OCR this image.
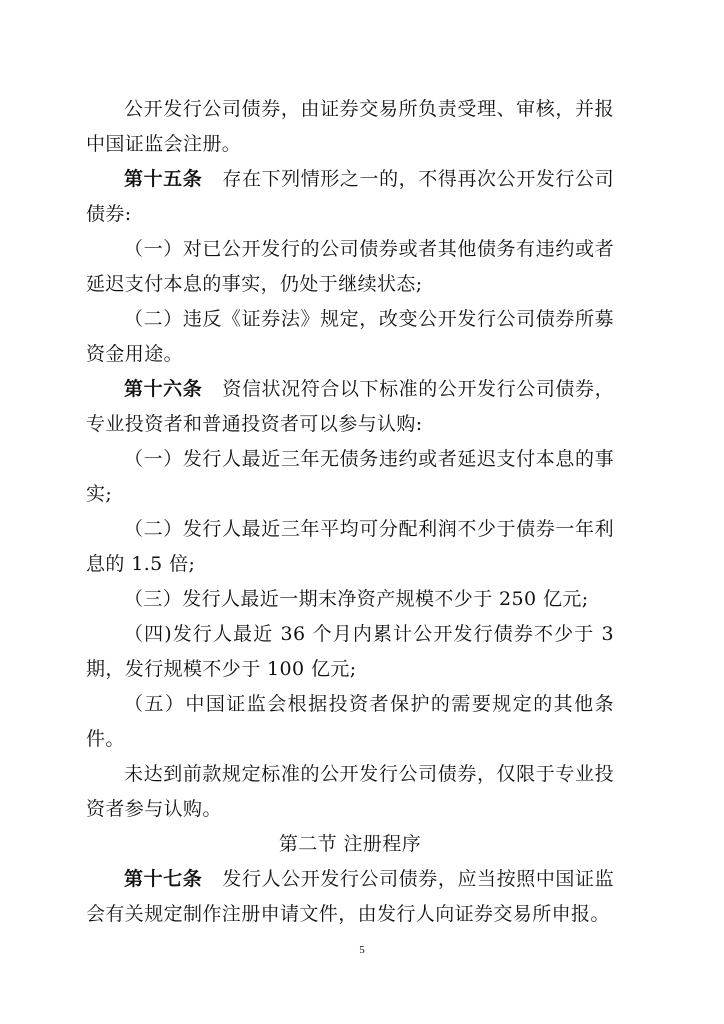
公开发行公司债券，由证券交易所负责受理、审核，并报中国证监会注册。

第十五条 存在下列情形之一的，不得再次公开发行公司债券:

（一）对已公开发行的公司债券或者其他债务有违约或者延迟支付本息的事实，仍处于继续状态;

（二）违反《证券法》规定，改变公开发行公司债券所募资金用途。

第十六条 资信状况符合以下标准的公开发行公司债券，专业投资者和普通投资者可以参与认购:

（一）发行人最近三年无债务违约或者延迟支付本息的事实;

（二）发行人最近三年平均可分配利润不少于债券一年利息的 1.5 倍;

（三）发行人最近一期末净资产规模不少于 250 亿元;

（四)发行人最近 36 个月内累计公开发行债券不少于 3 期，发行规模不少于 100 亿元;

（五）中国证监会根据投资者保护的需要规定的其他条件。

未达到前款规定标准的公开发行公司债券，仅限于专业投资者参与认购。

第二节 注册程序

第十七条 发行人公开发行公司债券，应当按照中国证监会有关规定制作注册申请文件，由发行人向证券交易所申报。

5
